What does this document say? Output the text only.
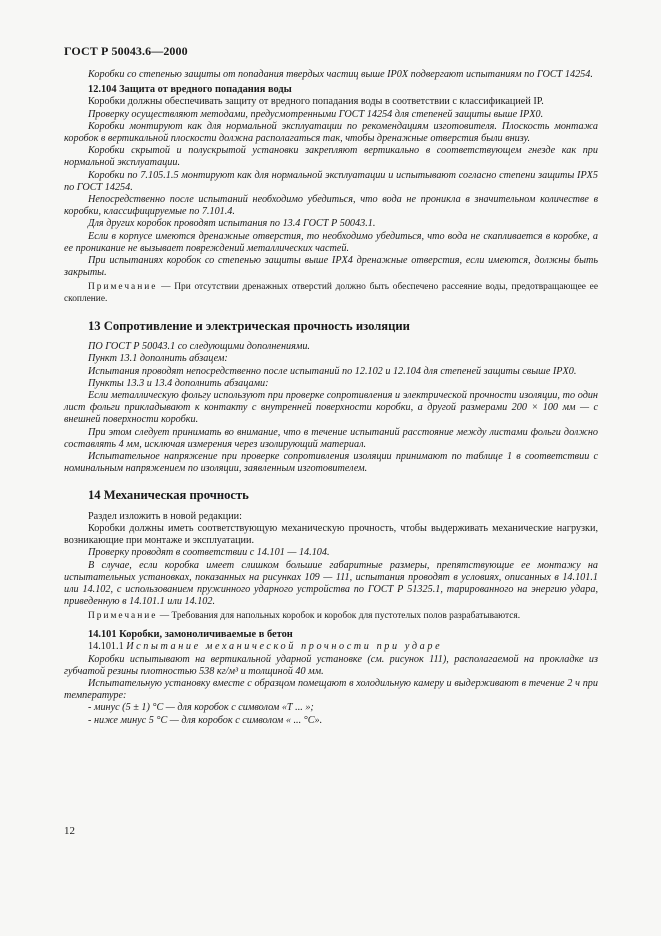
ГОСТ Р 50043.6—2000

Коробки со степенью защиты от попадания твердых частиц выше IP0X подвергают испытаниям по ГОСТ 14254.

12.104 Защита от вредного попадания воды

Коробки должны обеспечивать защиту от вредного попадания воды в соответствии с классификацией IP.

Проверку осуществляют методами, предусмотренными ГОСТ 14254 для степеней защиты выше IPX0.

Коробки монтируют как для нормальной эксплуатации по рекомендациям изготовителя. Плоскость монтажа коробок в вертикальной плоскости должна располагаться так, чтобы дренажные отверстия были внизу.

Коробки скрытой и полускрытой установки закрепляют вертикально в соответствующем гнезде как при нормальной эксплуатации.

Коробки по 7.105.1.5 монтируют как для нормальной эксплуатации и испытывают согласно степени защиты IPX5 по ГОСТ 14254.

Непосредственно после испытаний необходимо убедиться, что вода не проникла в значительном количестве в коробки, классифицируемые по 7.101.4.

Для других коробок проводят испытания по 13.4 ГОСТ Р 50043.1.

Если в корпусе имеются дренажные отверстия, то необходимо убедиться, что вода не скапливается в коробке, а ее проникание не вызывает повреждений металлических частей.

При испытаниях коробок со степенью защиты выше IPX4 дренажные отверстия, если имеются, должны быть закрыты.

Примечание — При отсутствии дренажных отверстий должно быть обеспечено рассеяние воды, предотвращающее ее скопление.

13 Сопротивление и электрическая прочность изоляции

ПО ГОСТ Р 50043.1 со следующими дополнениями.

Пункт 13.1 дополнить абзацем:

Испытания проводят непосредственно после испытаний по 12.102 и 12.104 для степеней защиты свыше IPX0.

Пункты 13.3 и 13.4 дополнить абзацами:

Если металлическую фольгу используют при проверке сопротивления и электрической прочности изоляции, то один лист фольги прикладывают к контакту с внутренней поверхности коробки, а другой размерами 200 × 100 мм — с внешней поверхности коробки.

При этом следует принимать во внимание, что в течение испытаний расстояние между листами фольги должно составлять 4 мм, исключая измерения через изолирующий материал.

Испытательное напряжение при проверке сопротивления изоляции принимают по таблице 1 в соответствии с номинальным напряжением по изоляции, заявленным изготовителем.

14 Механическая прочность

Раздел изложить в новой редакции:

Коробки должны иметь соответствующую механическую прочность, чтобы выдерживать механические нагрузки, возникающие при монтаже и эксплуатации.

Проверку проводят в соответствии с 14.101 — 14.104.

В случае, если коробка имеет слишком большие габаритные размеры, препятствующие ее монтажу на испытательных установках, показанных на рисунках 109 — 111, испытания проводят в условиях, описанных в 14.101.1 или 14.102, с использованием пружинного ударного устройства по ГОСТ Р 51325.1, тарированного на энергию удара, приведенную в 14.101.1 или 14.102.

Примечание — Требования для напольных коробок и коробок для пустотелых полов разрабатываются.

14.101 Коробки, замоноличиваемые в бетон

14.101.1 Испытание механической прочности при ударе

Коробки испытывают на вертикальной ударной установке (см. рисунок 111), располагаемой на прокладке из губчатой резины плотностью 538 кг/м³ и толщиной 40 мм.

Испытательную установку вместе с образцом помещают в холодильную камеру и выдерживают в течение 2 ч при температуре:

- минус (5 ± 1) °С — для коробок с символом «Т ... »;
- ниже минус 5 °С — для коробок с символом « ... °С».
12
